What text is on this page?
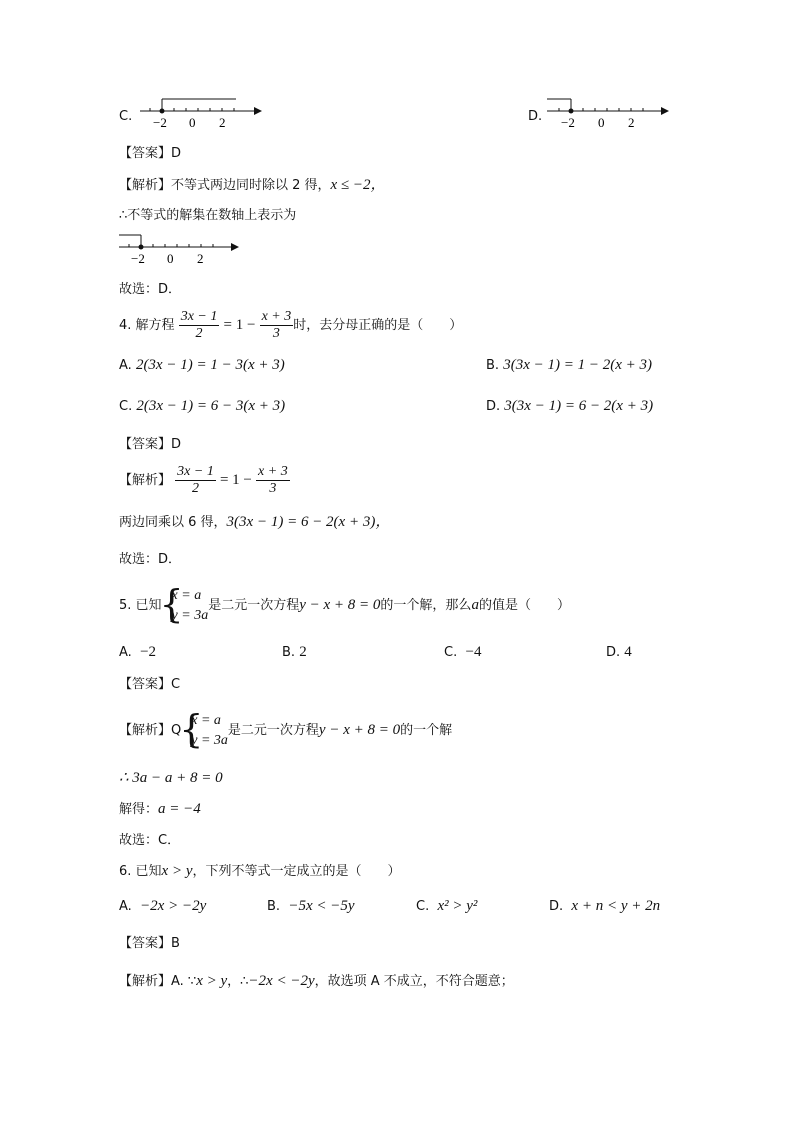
C. −2 0 2	D. −2 0 2
【答案】D
【解析】不等式两边同时除以 2 得，x ≤ −2，
∴不等式的解集在数轴上表示为
−2 0 2
故选：D．
4. 解方程 $\frac{3x - 1}{2} = 1 - \frac{x + 3}{3}$ 时，去分母正确的是（　　）
A. 2(3x − 1) = 1 − 3(x + 3)	B. 3(3x − 1) = 1 − 2(x + 3)
C. 2(3x − 1) = 6 − 3(x + 3)	D. 3(3x − 1) = 6 − 2(x + 3)
【答案】D
【解析】 $\frac{3x - 1}{2} = 1 - \frac{x + 3}{3}$
两边同乘以 6 得，3(3x − 1) = 6 − 2(x + 3)，
故选：D．
5. 已知
{ x = a
y = 3a
是二元一次方程y − x + 8 = 0的一个解，那么a的值是（　　）
A. −2	B. 2	C. −4	D. 4
【答案】C
【解析】Q
{ x = a
y = 3a
是二元一次方程y − x + 8 = 0的一个解
∴ 3a − a + 8 = 0
解得：a = −4
故选：C．
6. 已知x > y，下列不等式一定成立的是（　　）
A. −2x > −2y	B. −5x < −5y	C. x² > y²	D. x + n < y + 2n
【答案】B
【解析】A. ∵x > y，∴−2x < −2y，故选项 A 不成立，不符合题意；
